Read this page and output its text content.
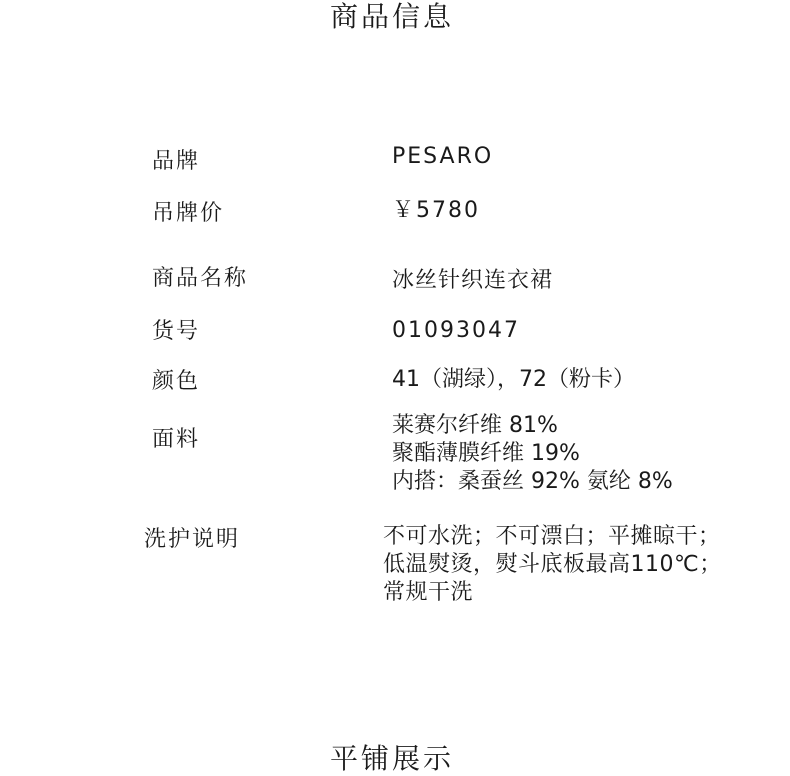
商品信息
品牌	PESARO
吊牌价	￥5780
商品名称	冰丝针织连衣裙
货号	01093047
颜色	41（湖绿），72（粉卡）
面料
莱赛尔纤维 81%
聚酯薄膜纤维 19%
内搭：桑蚕丝 92% 氨纶 8%
洗护说明	不可水洗；不可漂白；平摊晾干；
低温熨烫，熨斗底板最高110℃；
常规干洗
平铺展示
